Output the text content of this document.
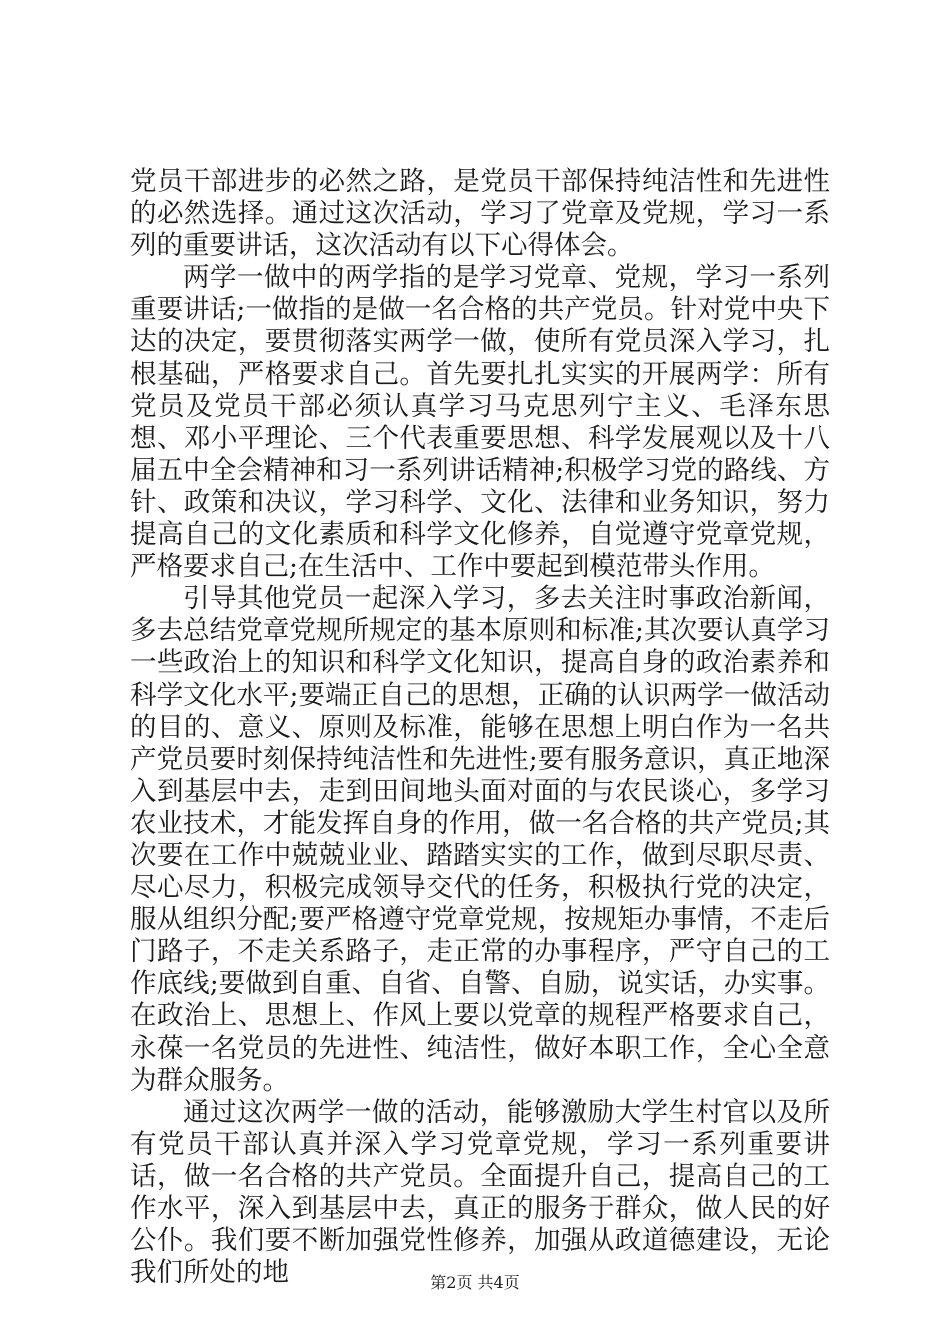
党员干部进步的必然之路，是党员干部保持纯洁性和先进性的必然选择。通过这次活动，学习了党章及党规，学习一系列的重要讲话，这次活动有以下心得体会。

两学一做中的两学指的是学习党章、党规，学习一系列重要讲话;一做指的是做一名合格的共产党员。针对党中央下达的决定，要贯彻落实两学一做，使所有党员深入学习，扎根基础，严格要求自己。首先要扎扎实实的开展两学：所有党员及党员干部必须认真学习马克思列宁主义、毛泽东思想、邓小平理论、三个代表重要思想、科学发展观以及十八届五中全会精神和习一系列讲话精神;积极学习党的路线、方针、政策和决议，学习科学、文化、法律和业务知识，努力提高自己的文化素质和科学文化修养，自觉遵守党章党规，严格要求自己;在生活中、工作中要起到模范带头作用。

引导其他党员一起深入学习，多去关注时事政治新闻，多去总结党章党规所规定的基本原则和标准;其次要认真学习一些政治上的知识和科学文化知识，提高自身的政治素养和科学文化水平;要端正自己的思想，正确的认识两学一做活动的目的、意义、原则及标准，能够在思想上明白作为一名共产党员要时刻保持纯洁性和先进性;要有服务意识，真正地深入到基层中去，走到田间地头面对面的与农民谈心，多学习农业技术，才能发挥自身的作用，做一名合格的共产党员;其次要在工作中兢兢业业、踏踏实实的工作，做到尽职尽责、尽心尽力，积极完成领导交代的任务，积极执行党的决定，服从组织分配;要严格遵守党章党规，按规矩办事情，不走后门路子，不走关系路子，走正常的办事程序，严守自己的工作底线;要做到自重、自省、自警、自励，说实话，办实事。在政治上、思想上、作风上要以党章的规程严格要求自己，永葆一名党员的先进性、纯洁性，做好本职工作，全心全意为群众服务。

通过这次两学一做的活动，能够激励大学生村官以及所有党员干部认真并深入学习党章党规，学习一系列重要讲话，做一名合格的共产党员。全面提升自己，提高自己的工作水平，深入到基层中去，真正的服务于群众，做人民的好公仆。我们要不断加强党性修养，加强从政道德建设，无论我们所处的地	第2页 共4页
